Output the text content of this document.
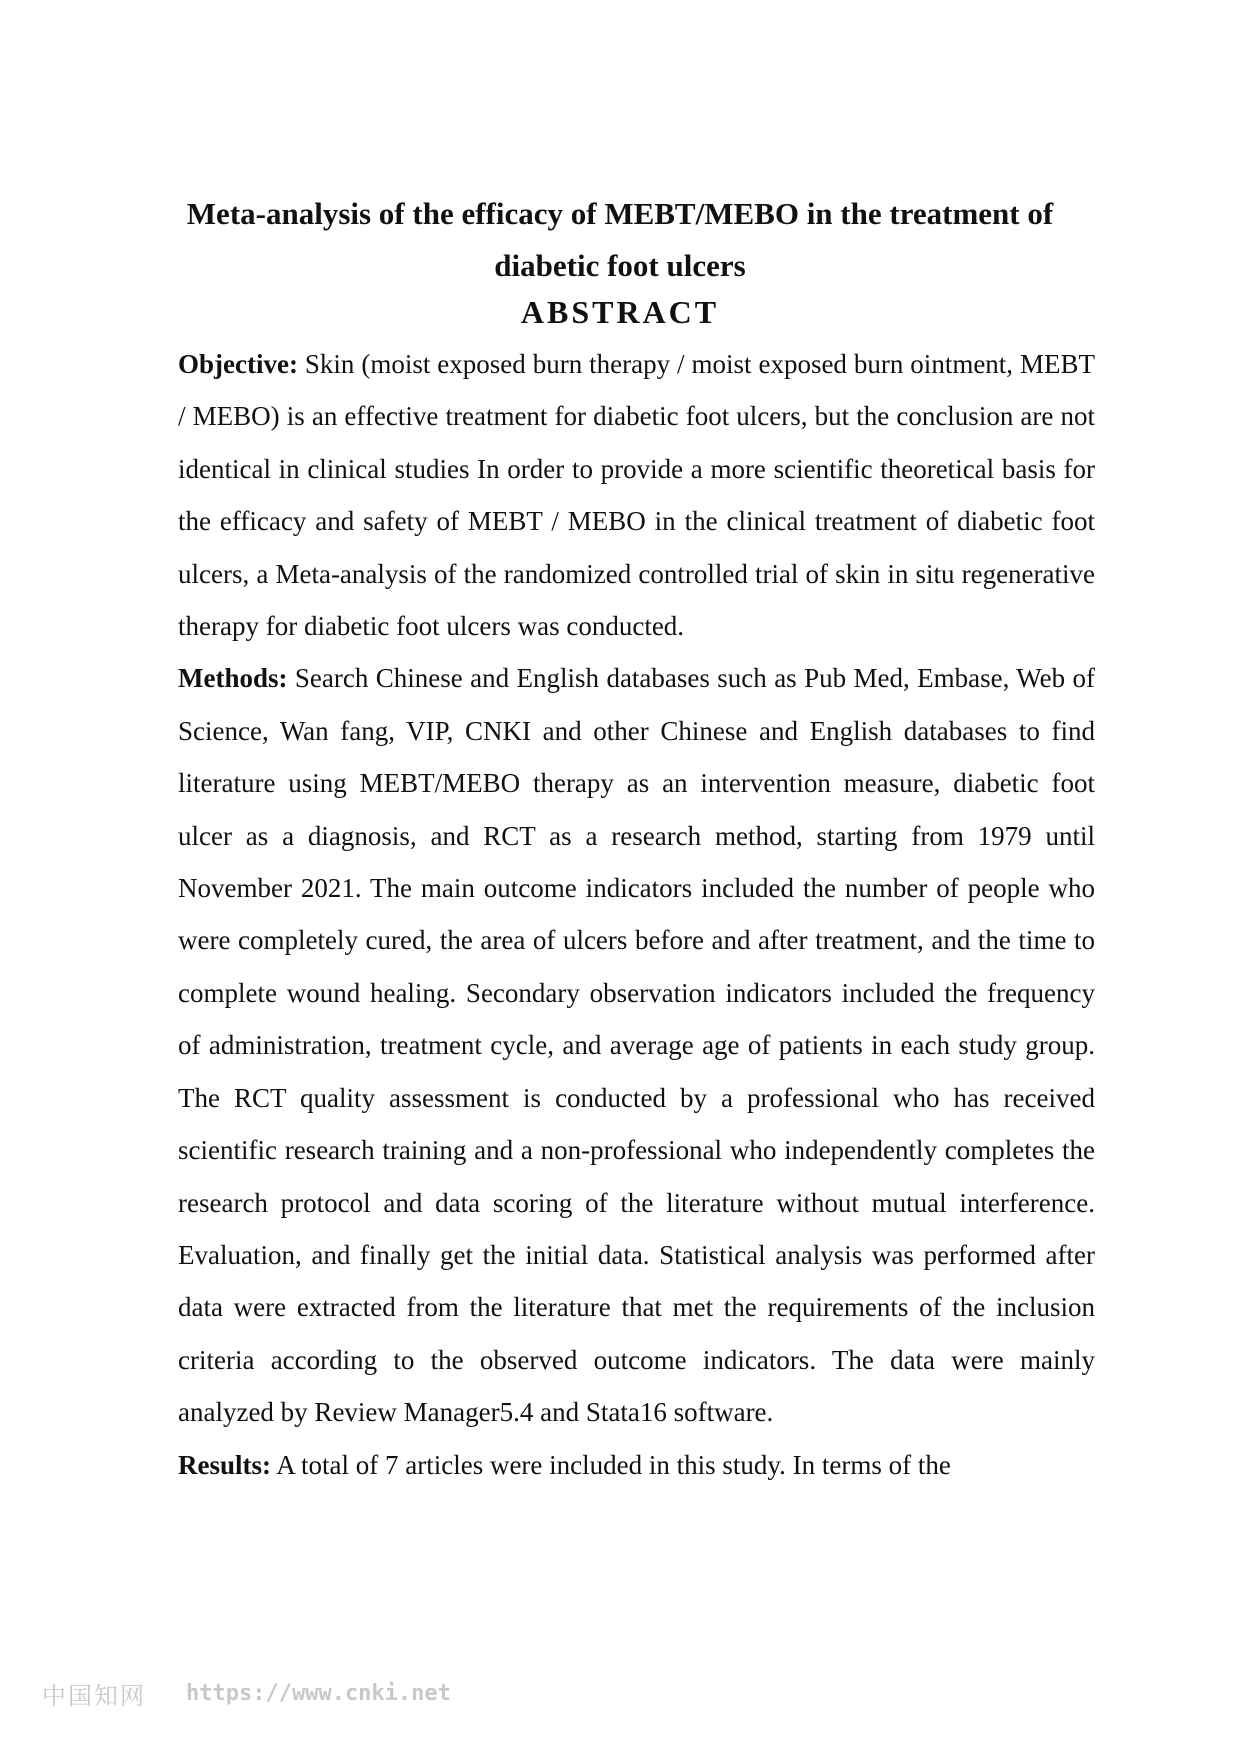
Meta-analysis of the efficacy of MEBT/MEBO in the treatment of diabetic foot ulcers
ABSTRACT

Objective: Skin (moist exposed burn therapy / moist exposed burn ointment, MEBT / MEBO) is an effective treatment for diabetic foot ulcers, but the conclusion are not identical in clinical studies In order to provide a more scientific theoretical basis for the efficacy and safety of MEBT / MEBO in the clinical treatment of diabetic foot ulcers, a Meta-analysis of the randomized controlled trial of skin in situ regenerative therapy for diabetic foot ulcers was conducted.

Methods: Search Chinese and English databases such as Pub Med, Embase, Web of Science, Wan fang, VIP, CNKI and other Chinese and English databases to find literature using MEBT/MEBO therapy as an intervention measure, diabetic foot ulcer as a diagnosis, and RCT as a research method, starting from 1979 until November 2021. The main outcome indicators included the number of people who were completely cured, the area of ulcers before and after treatment, and the time to complete wound healing. Secondary observation indicators included the frequency of administration, treatment cycle, and average age of patients in each study group. The RCT quality assessment is conducted by a professional who has received scientific research training and a non-professional who independently completes the research protocol and data scoring of the literature without mutual interference. Evaluation, and finally get the initial data. Statistical analysis was performed after data were extracted from the literature that met the requirements of the inclusion criteria according to the observed outcome indicators. The data were mainly analyzed by Review Manager5.4 and Stata16 software.

Results: A total of 7 articles were included in this study. In terms of the

中国知网 https://www.cnki.net
